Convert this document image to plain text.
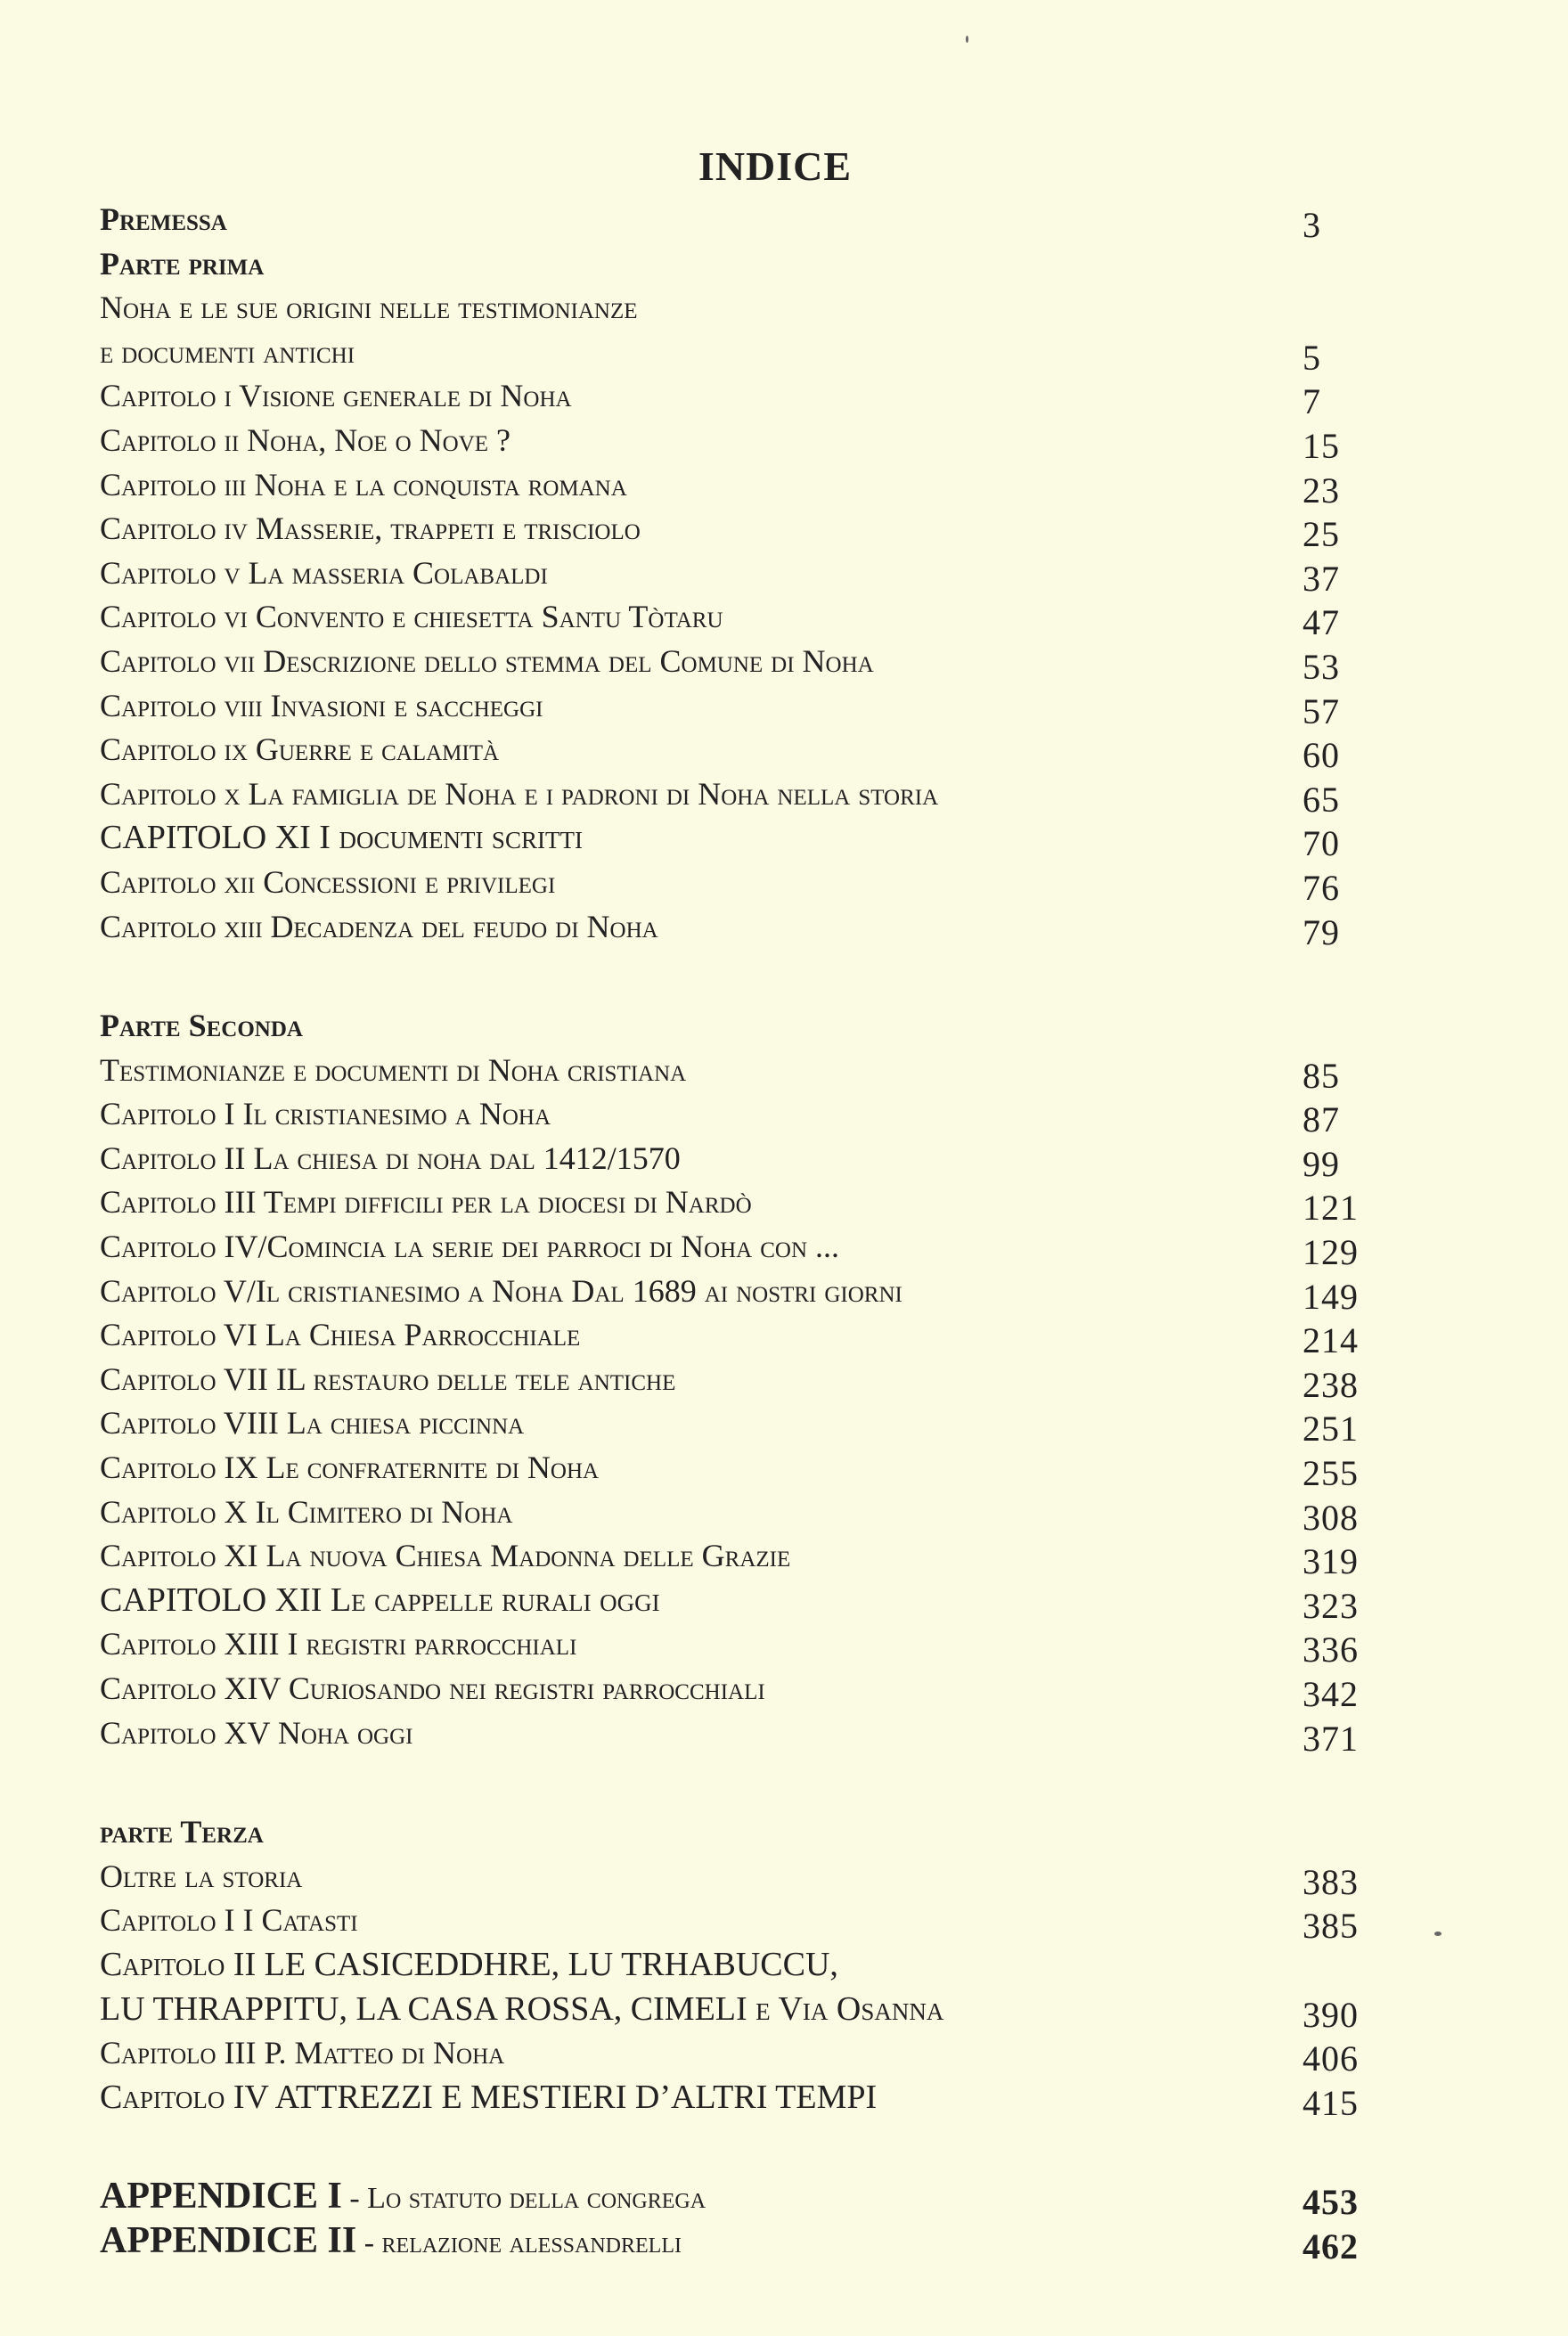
INDICE
Premessa	3
Parte prima
Noha e le sue origini nelle testimonianze
e documenti antichi	5
Capitolo i Visione generale di Noha	7
Capitolo ii Noha, Noe o Nove ?	15
Capitolo iii Noha e la conquista romana	23
Capitolo iv Masserie, trappeti e trisciolo	25
Capitolo v La masseria Colabaldi	37
Capitolo vi Convento e chiesetta Santu Tòtaru	47
Capitolo vii Descrizione dello stemma del Comune di Noha	53
Capitolo viii Invasioni e saccheggi	57
Capitolo ix Guerre e calamità	60
Capitolo x La famiglia de Noha e i padroni di Noha nella storia	65
CAPITOLO XI I documenti scritti	70
Capitolo xii Concessioni e privilegi	76
Capitolo xiii Decadenza del feudo di Noha	79
Parte Seconda
Testimonianze e documenti di Noha cristiana	85
Capitolo I Il cristianesimo a Noha	87
Capitolo II La chiesa di noha dal 1412/1570	99
Capitolo III Tempi difficili per la diocesi di Nardò	121
Capitolo IV/Comincia la serie dei parroci di Noha con ...	129
Capitolo V/Il cristianesimo a Noha Dal 1689 ai nostri giorni	149
Capitolo VI La Chiesa Parrocchiale	214
Capitolo VII IL restauro delle tele antiche	238
Capitolo VIII La chiesa piccinna	251
Capitolo IX Le confraternite di Noha	255
Capitolo X Il Cimitero di Noha	308
Capitolo XI La nuova Chiesa Madonna delle Grazie	319
CAPITOLO XII Le cappelle rurali oggi	323
Capitolo XIII I registri parrocchiali	336
Capitolo XIV Curiosando nei registri parrocchiali	342
Capitolo XV Noha oggi	371
parte Terza
Oltre la storia	383
Capitolo I I Catasti	385
Capitolo II LE CASICEDDHRE, LU TRHABUCCU,
LU THRAPPITU, LA CASA ROSSA, CIMELI e Via Osanna	390
Capitolo III P. Matteo di Noha	406
Capitolo IV ATTREZZI E MESTIERI D’ALTRI TEMPI	415
APPENDICE I - Lo statuto della congrega	453
APPENDICE II - relazione alessandrelli	462
